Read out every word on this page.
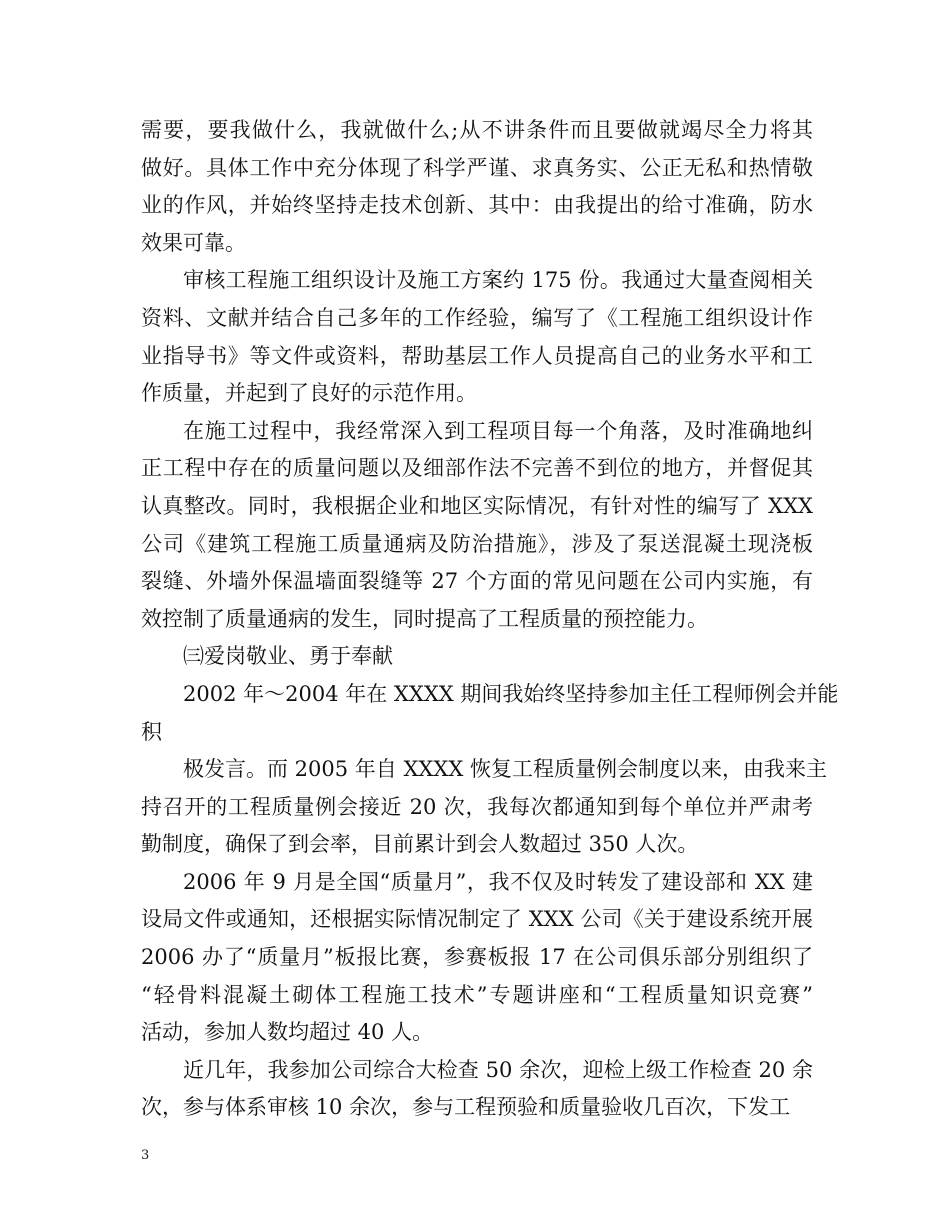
需要，要我做什么，我就做什么;从不讲条件而且要做就竭尽全力将其
做好。具体工作中充分体现了科学严谨、求真务实、公正无私和热情敬
业的作风，并始终坚持走技术创新、其中：由我提出的给寸准确，防水
效果可靠。
审核工程施工组织设计及施工方案约 175 份。我通过大量查阅相关
资料、文献并结合自己多年的工作经验，编写了《工程施工组织设计作
业指导书》等文件或资料，帮助基层工作人员提高自己的业务水平和工
作质量，并起到了良好的示范作用。
在施工过程中，我经常深入到工程项目每一个角落，及时准确地纠
正工程中存在的质量问题以及细部作法不完善不到位的地方，并督促其
认真整改。同时，我根据企业和地区实际情况，有针对性的编写了 XXX
公司《建筑工程施工质量通病及防治措施》，涉及了泵送混凝土现浇板
裂缝、外墙外保温墙面裂缝等 27 个方面的常见问题在公司内实施，有
效控制了质量通病的发生，同时提高了工程质量的预控能力。
㈢爱岗敬业、勇于奉献
2002 年～2004 年在 XXXX 期间我始终坚持参加主任工程师例会并能
积
极发言。而 2005 年自 XXXX 恢复工程质量例会制度以来，由我来主
持召开的工程质量例会接近 20 次，我每次都通知到每个单位并严肃考
勤制度，确保了到会率，目前累计到会人数超过 350 人次。
2006 年 9 月是全国“质量月”，我不仅及时转发了建设部和 XX 建
设局文件或通知，还根据实际情况制定了 XXX 公司《关于建设系统开展
2006 办了“质量月”板报比赛，参赛板报 17 在公司俱乐部分别组织了
“轻骨料混凝土砌体工程施工技术”专题讲座和“工程质量知识竞赛”
活动，参加人数均超过 40 人。
近几年，我参加公司综合大检查 50 余次，迎检上级工作检查 20 余
次，参与体系审核 10 余次，参与工程预验和质量验收几百次，下发工
3
